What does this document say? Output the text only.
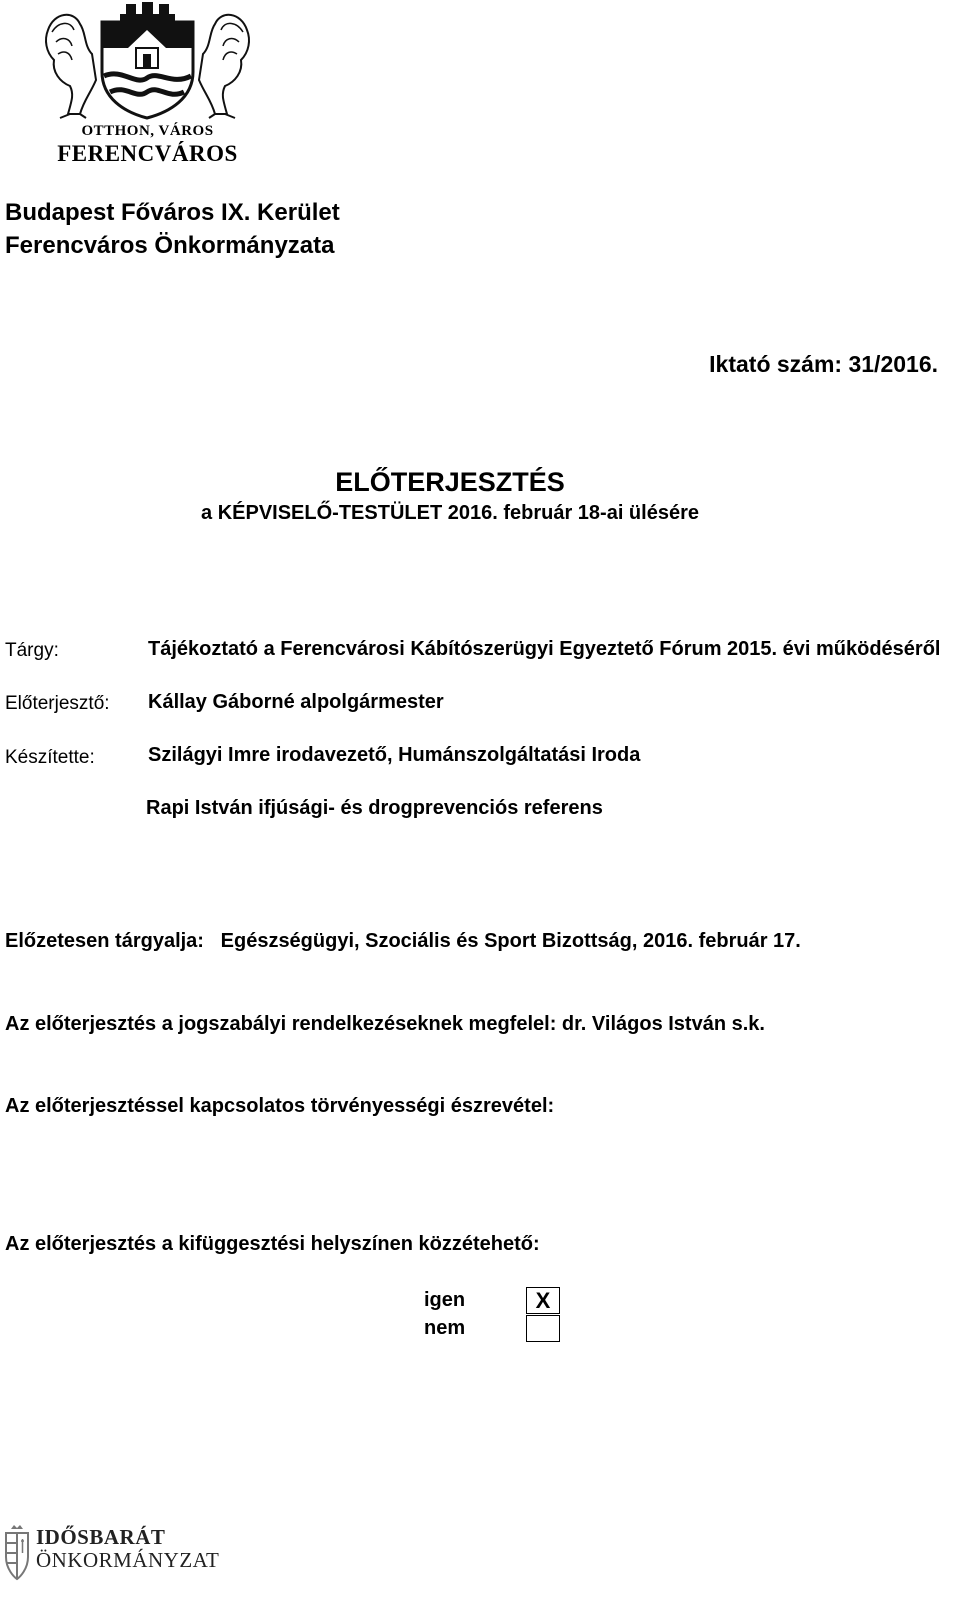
OTTHON, VÁROS
FERENCVÁROS
Budapest Főváros IX. Kerület
Ferencváros Önkormányzata
Iktató szám: 31/2016.
ELŐTERJESZTÉS
a KÉPVISELŐ-TESTÜLET 2016. február 18-ai ülésére
Tárgy:	Tájékoztató a Ferencvárosi Kábítószerügyi Egyeztető Fórum 2015. évi működéséről
Előterjesztő: Kállay Gáborné alpolgármester
Készítette:	Szilágyi Imre irodavezető, Humánszolgáltatási Iroda
Rapi István ifjúsági- és drogprevenciós referens
Előzetesen tárgyalja:   Egészségügyi, Szociális és Sport Bizottság, 2016. február 17.
Az előterjesztés a jogszabályi rendelkezéseknek megfelel: dr. Világos István s.k.
Az előterjesztéssel kapcsolatos törvényességi észrevétel:
Az előterjesztés a kifüggesztési helyszínen közzétehető:
igen	X
nem
IDŐSBARÁT
ÖNKORMÁNYZAT
